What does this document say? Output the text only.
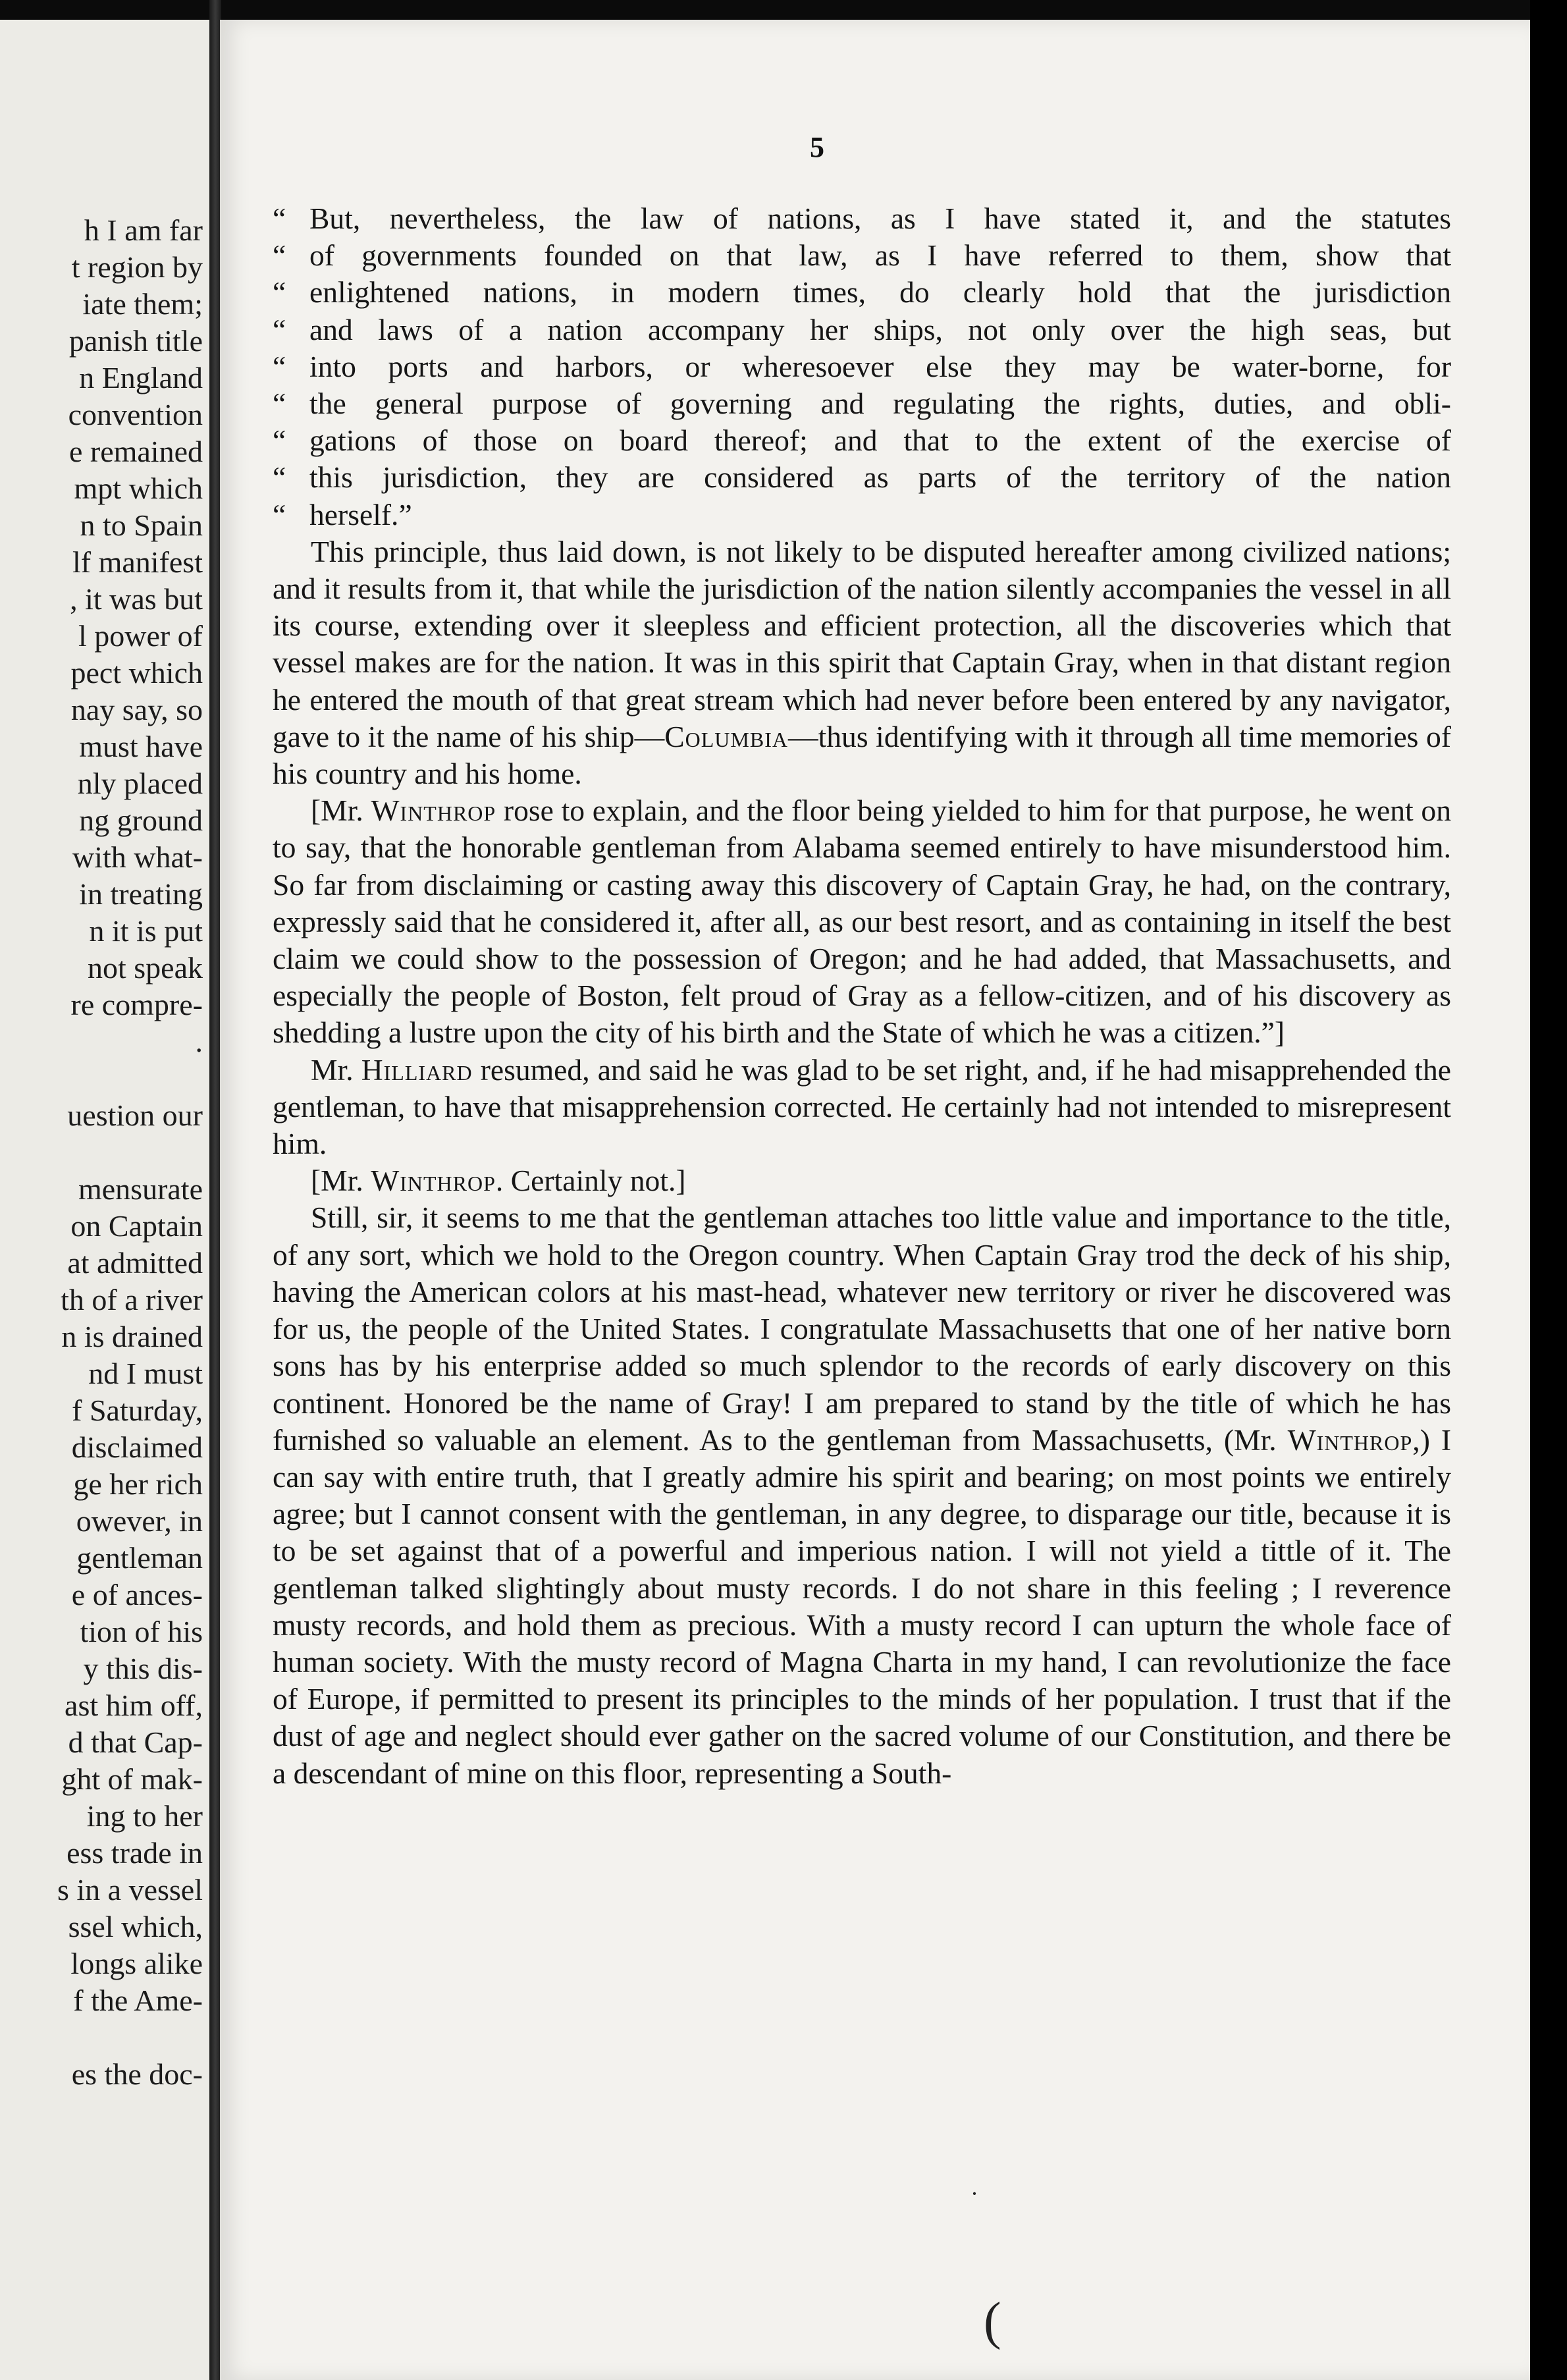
h I am far
t region by
iate them;
panish title
n England
convention
e remained
mpt which
n to Spain
lf manifest
, it was but
l power of
pect which
nay say, so
must have
nly placed
ng ground
with what-
in treating
n it is put
not speak
re compre-
.
uestion our
mensurate
on Captain
at admitted
th of a river
n is drained
nd I must
f Saturday,
disclaimed
ge her rich
owever, in
gentleman
e of ances-
tion of his
y this dis-
ast him off,
d that Cap-
ght of mak-
ing to her
ess trade in
s in a vessel
ssel which,
longs alike
f the Ame-
es the doc-
5
“ But, nevertheless, the law of nations, as I have stated it, and the statutes
“ of governments founded on that law, as I have referred to them, show that
“ enlightened nations, in modern times, do clearly hold that the jurisdiction
“ and laws of a nation accompany her ships, not only over the high seas, but
“ into ports and harbors, or wheresoever else they may be water-borne, for
“ the general purpose of governing and regulating the rights, duties, and obli-
“ gations of those on board thereof; and that to the extent of the exercise of
“ this jurisdiction, they are considered as parts of the territory of the nation
“ herself.”

This principle, thus laid down, is not likely to be disputed hereafter among civilized nations; and it results from it, that while the jurisdiction of the nation silently accompanies the vessel in all its course, extending over it sleepless and efficient protection, all the discoveries which that vessel makes are for the nation. It was in this spirit that Captain Gray, when in that distant region he entered the mouth of that great stream which had never before been entered by any navigator, gave to it the name of his ship—Columbia—thus identifying with it through all time memories of his country and his home.

[Mr. Winthrop rose to explain, and the floor being yielded to him for that purpose, he went on to say, that the honorable gentleman from Alabama seemed entirely to have misunderstood him. So far from disclaiming or casting away this discovery of Captain Gray, he had, on the contrary, expressly said that he considered it, after all, as our best resort, and as containing in itself the best claim we could show to the possession of Oregon; and he had added, that Massachusetts, and especially the people of Boston, felt proud of Gray as a fellow-citizen, and of his discovery as shedding a lustre upon the city of his birth and the State of which he was a citizen.”]

Mr. Hilliard resumed, and said he was glad to be set right, and, if he had misapprehended the gentleman, to have that misapprehension corrected. He certainly had not intended to misrepresent him.

[Mr. Winthrop. Certainly not.]

Still, sir, it seems to me that the gentleman attaches too little value and importance to the title, of any sort, which we hold to the Oregon country. When Captain Gray trod the deck of his ship, having the American colors at his mast-head, whatever new territory or river he discovered was for us, the people of the United States. I congratulate Massachusetts that one of her native born sons has by his enterprise added so much splendor to the records of early discovery on this continent. Honored be the name of Gray! I am prepared to stand by the title of which he has furnished so valuable an element. As to the gentleman from Massachusetts, (Mr. Winthrop,) I can say with entire truth, that I greatly admire his spirit and bearing; on most points we entirely agree; but I cannot consent with the gentleman, in any degree, to disparage our title, because it is to be set against that of a powerful and imperious nation. I will not yield a tittle of it. The gentleman talked slightingly about musty records. I do not share in this feeling ; I reverence musty records, and hold them as precious. With a musty record I can upturn the whole face of human society. With the musty record of Magna Charta in my hand, I can revolutionize the face of Europe, if permitted to present its principles to the minds of her population. I trust that if the dust of age and neglect should ever gather on the sacred volume of our Constitution, and there be a descendant of mine on this floor, representing a South-

·
(
